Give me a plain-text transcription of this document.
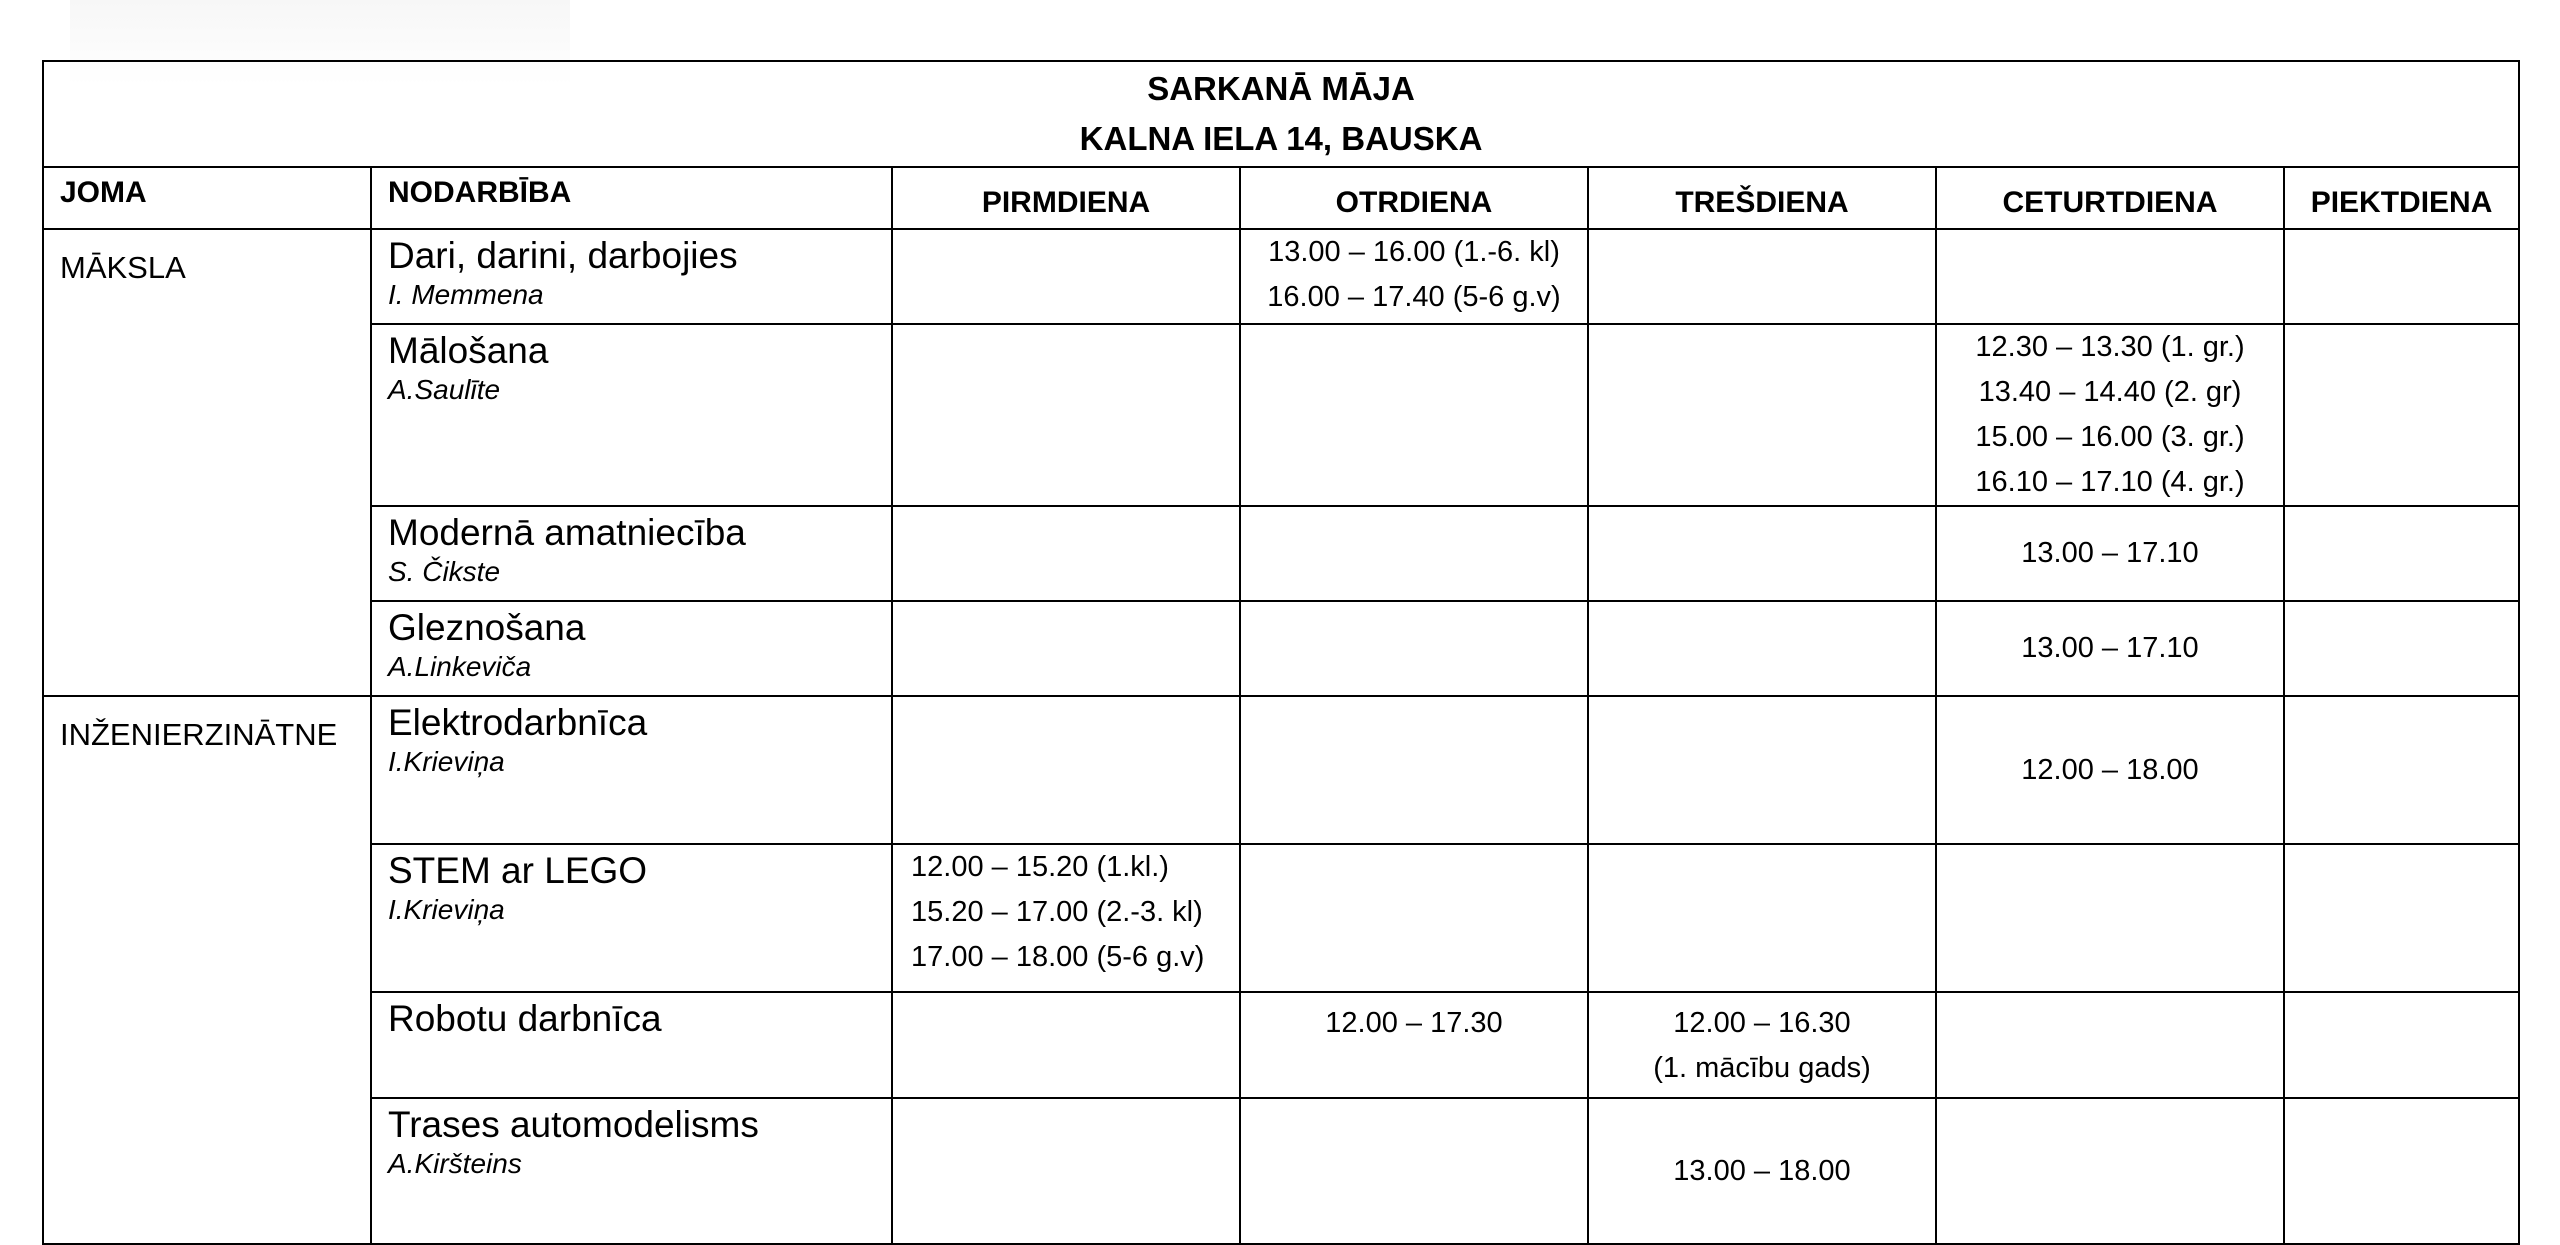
SARKANĀ MĀJA
KALNA IELA 14, BAUSKA						

JOMA	NODARBĪBA	PIRMDIENA	OTRDIENA	TREŠDIENA	CETURTDIENA	PIEKTDIENA
MĀKSLA	Dari, darini, darbojies
I. Memmena		13.00 – 16.00 (1.-6. kl)
16.00 – 17.40 (5-6 g.v)			

	Mālošana
A.Saulīte				12.30 – 13.30 (1. gr.)
13.40 – 14.40 (2. gr)
15.00 – 16.00 (3. gr.)
16.10 – 17.10 (4. gr.)	

	Modernā amatniecība
S. Čikste				13.00 – 17.10	

	Gleznošana
A.Linkeviča				13.00 – 17.10	

INŽENIERZINĀTNE	Elektrodarbnīca
I.Krieviņa				12.00 – 18.00	

	STEM ar LEGO
I.Krieviņa	12.00 – 15.20 (1.kl.)
15.20 – 17.00 (2.-3. kl)
17.00 – 18.00 (5-6 g.v)				

	Robotu darbnīca		12.00 – 17.30	12.00 – 16.30
(1. mācību gads)		

	Trases automodelisms
A.Kiršteins			13.00 – 18.00		
